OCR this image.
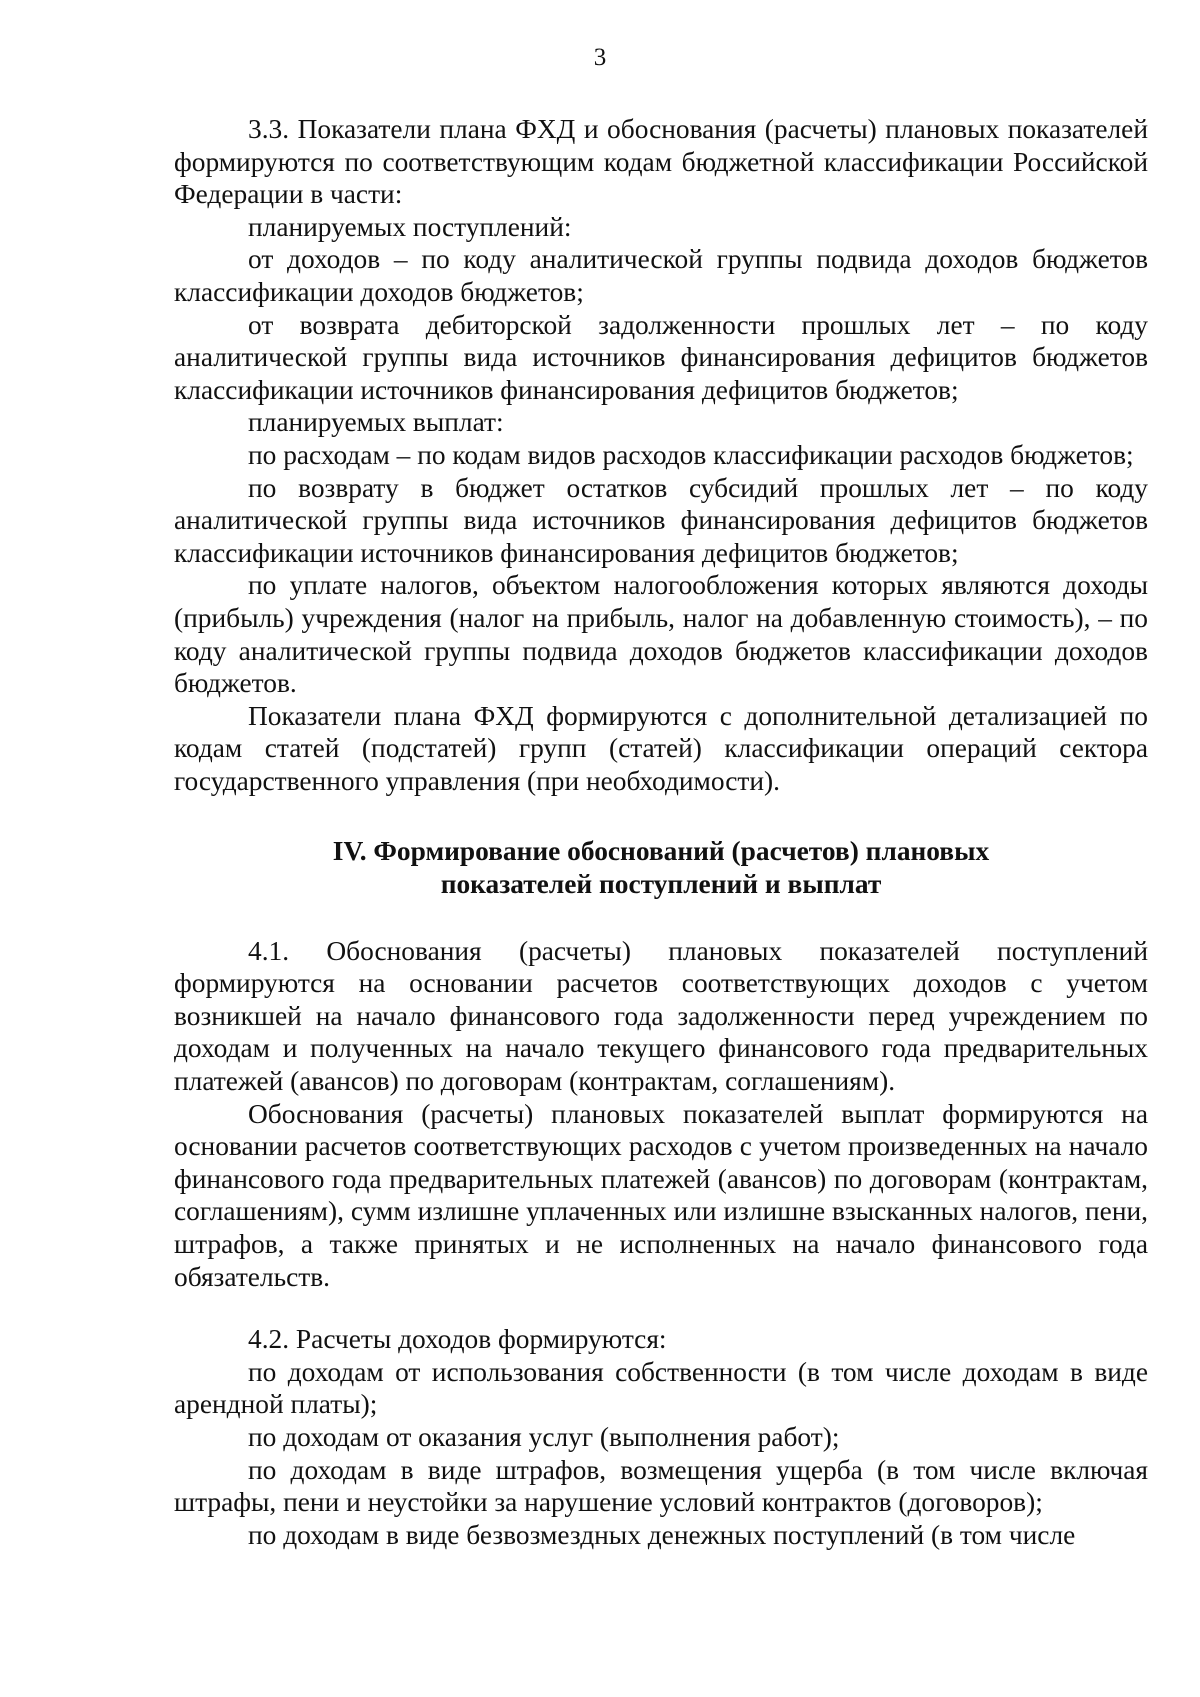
3

3.3. Показатели плана ФХД и обоснования (расчеты) плановых показателей формируются по соответствующим кодам бюджетной классификации Российской Федерации в части:

планируемых поступлений:

от доходов – по коду аналитической группы подвида доходов бюджетов классификации доходов бюджетов;

от возврата дебиторской задолженности прошлых лет – по коду аналитической группы вида источников финансирования дефицитов бюджетов классификации источников финансирования дефицитов бюджетов;

планируемых выплат:

по расходам – по кодам видов расходов классификации расходов бюджетов;

по возврату в бюджет остатков субсидий прошлых лет – по коду аналитической группы вида источников финансирования дефицитов бюджетов классификации источников финансирования дефицитов бюджетов;

по уплате налогов, объектом налогообложения которых являются доходы (прибыль) учреждения (налог на прибыль, налог на добавленную стоимость), – по коду аналитической группы подвида доходов бюджетов классификации доходов бюджетов.

Показатели плана ФХД формируются с дополнительной детализацией по кодам статей (подстатей) групп (статей) классификации операций сектора государственного управления (при необходимости).

IV. Формирование обоснований (расчетов) плановых
показателей поступлений и выплат

4.1. Обоснования (расчеты) плановых показателей поступлений формируются на основании расчетов соответствующих доходов с учетом возникшей на начало финансового года задолженности перед учреждением по доходам и полученных на начало текущего финансового года предварительных платежей (авансов) по договорам (контрактам, соглашениям).

Обоснования (расчеты) плановых показателей выплат формируются на основании расчетов соответствующих расходов с учетом произведенных на начало финансового года предварительных платежей (авансов) по договорам (контрактам, соглашениям), сумм излишне уплаченных или излишне взысканных налогов, пени, штрафов, а также принятых и не исполненных на начало финансового года обязательств.

4.2. Расчеты доходов формируются:

по доходам от использования собственности (в том числе доходам в виде арендной платы);

по доходам от оказания услуг (выполнения работ);

по доходам в виде штрафов, возмещения ущерба (в том числе включая штрафы, пени и неустойки за нарушение условий контрактов (договоров);

по доходам в виде безвозмездных денежных поступлений (в том числе
